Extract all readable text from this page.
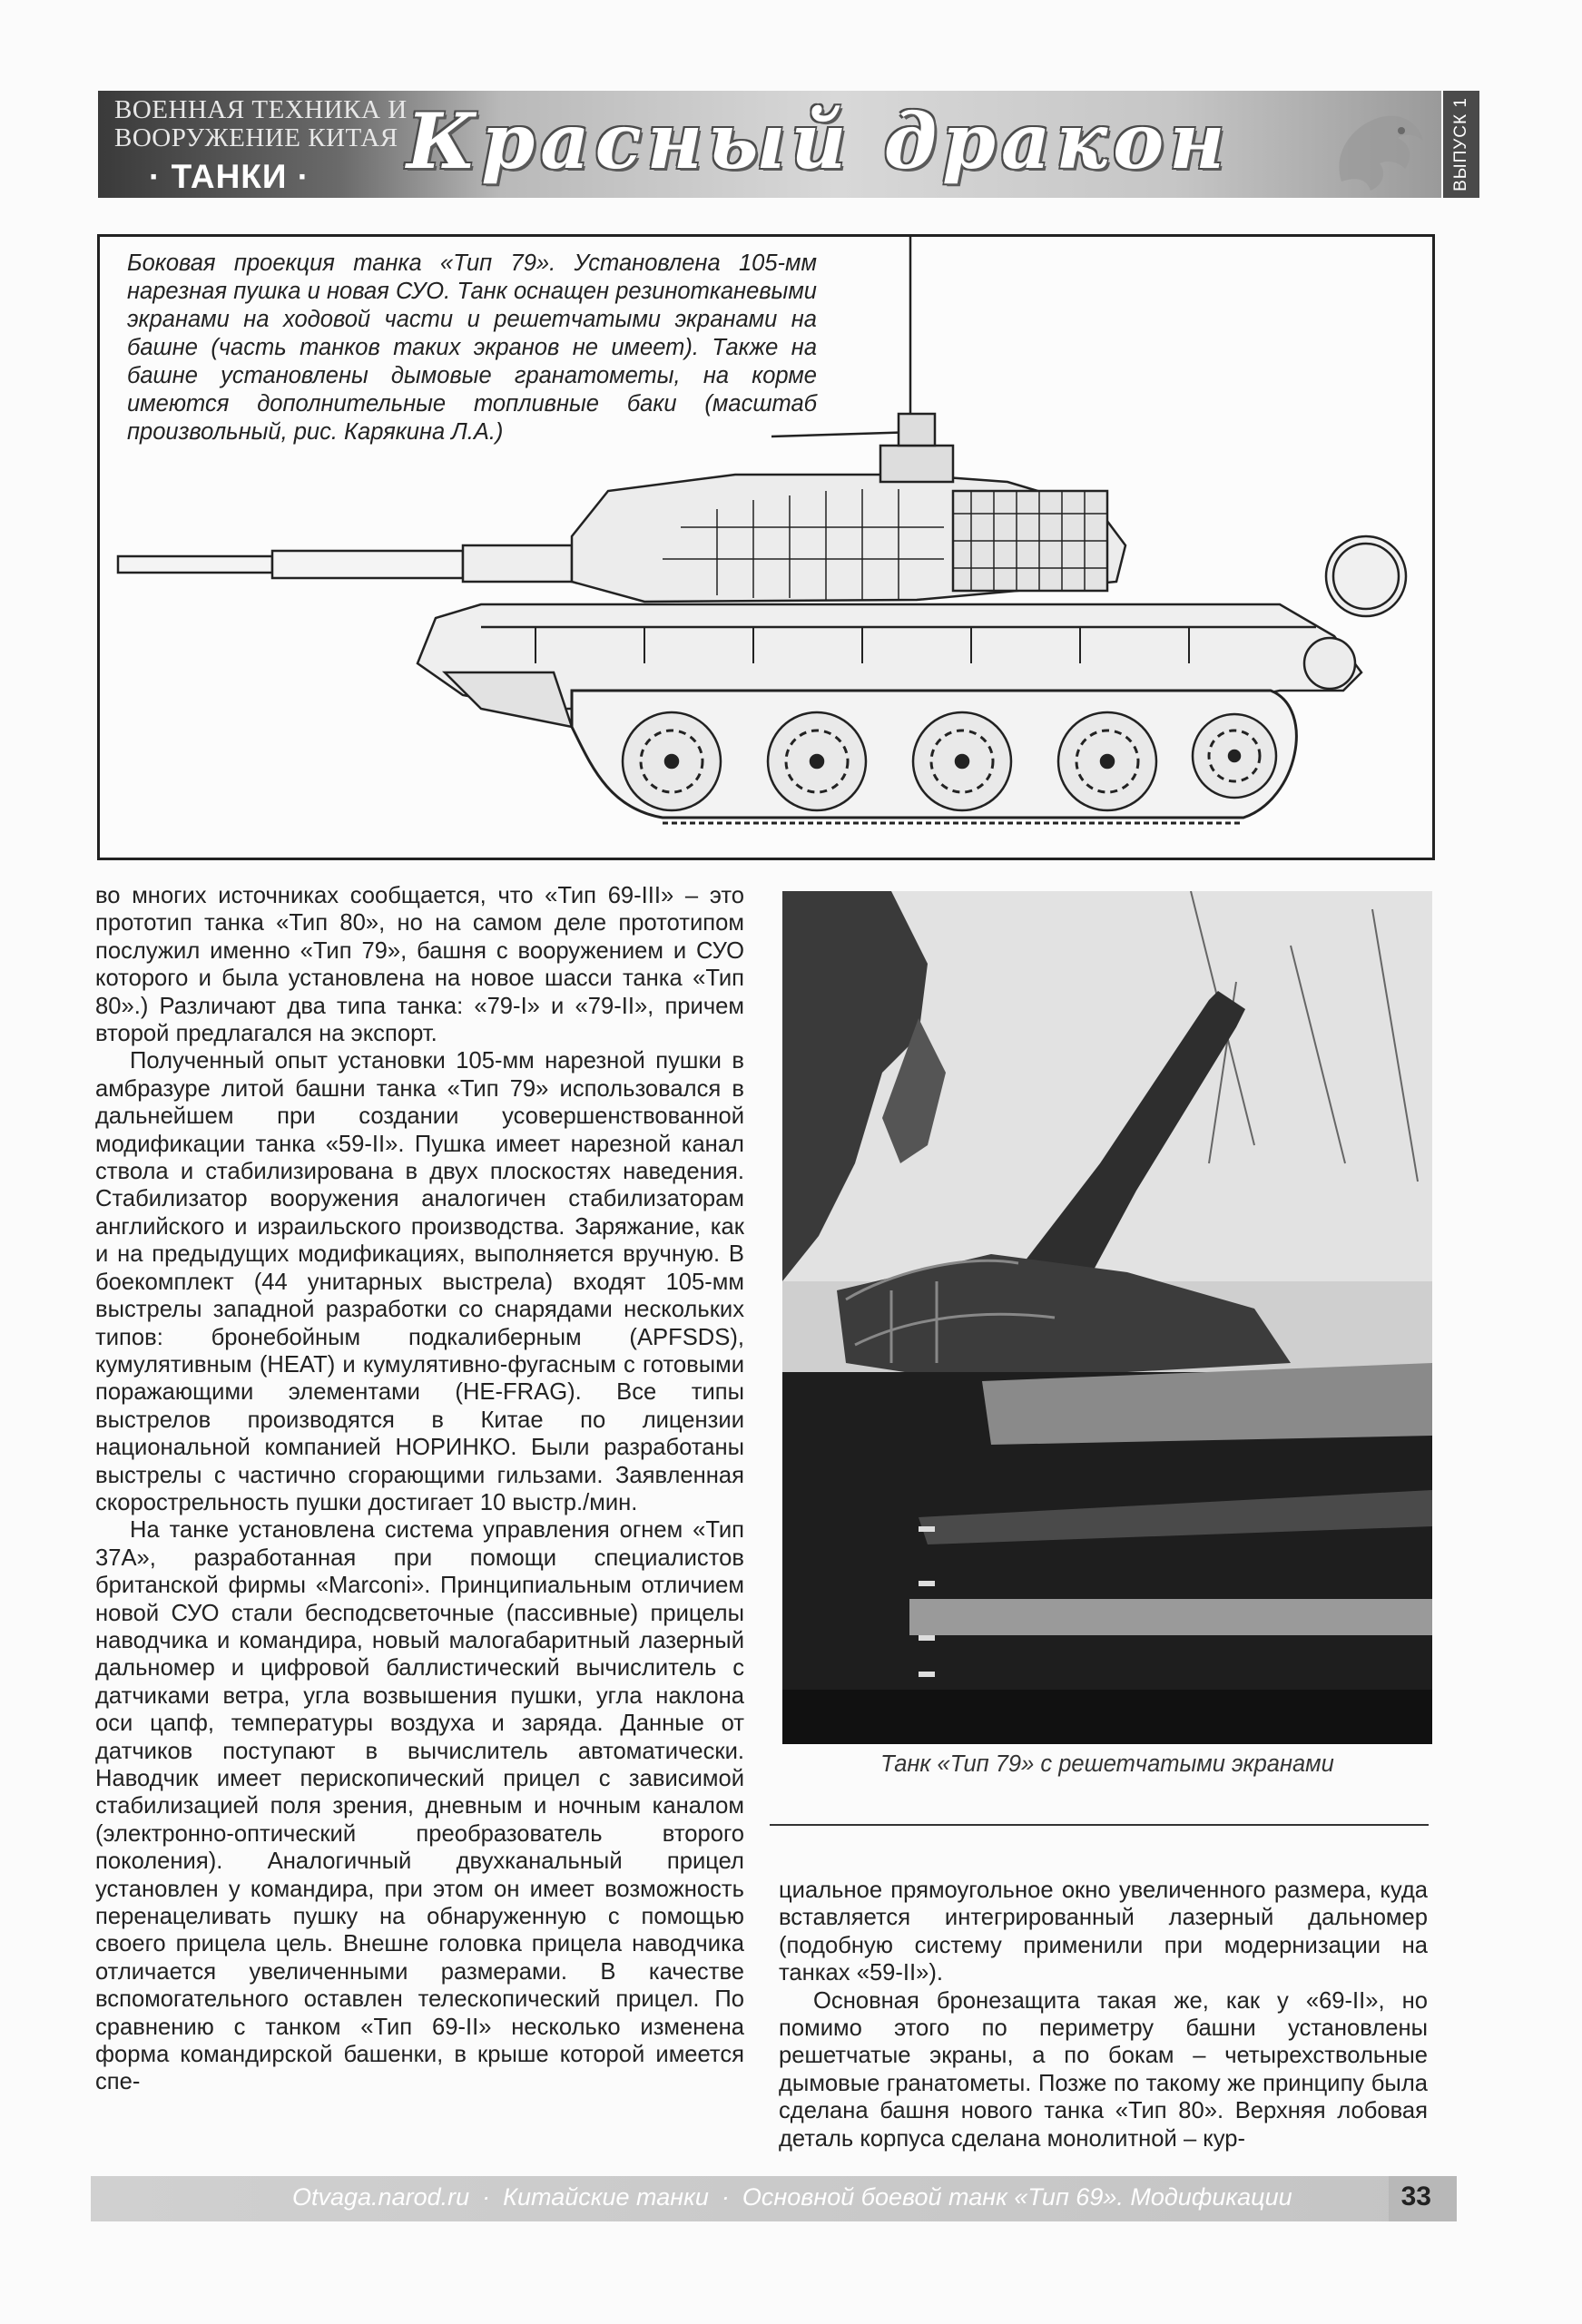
ВОЕННАЯ ТЕХНИКА И
ВООРУЖЕНИЕ КИТАЯ
· ТАНКИ ·	Красный дракон	ВЫПУСК 1
Боковая проекция танка «Тип 79». Установлена 105-мм нарезная пушка и новая СУО. Танк оснащен резинотканевыми экранами на ходовой части и решетчатыми экранами на башне (часть танков таких экранов не имеет). Также на башне установлены дымовые гранатометы, на корме имеются дополнительные топливные баки (масштаб произвольный, рис. Карякина Л.А.)

во многих источниках сообщается, что «Тип 69-III» – это прототип танка «Тип 80», но на самом деле прототипом послужил именно «Тип 79», башня с вооружением и СУО которого и была установлена на новое шасси танка «Тип 80».) Различают два типа танка: «79-I» и «79-II», причем второй предлагался на экспорт.

Полученный опыт установки 105-мм нарезной пушки в амбразуре литой башни танка «Тип 79» использовался в дальнейшем при создании усовершенствованной модификации танка «59-II». Пушка имеет нарезной канал ствола и стабилизирована в двух плоскостях наведения. Стабилизатор вооружения аналогичен стабилизаторам английского и израильского производства. Заряжание, как и на предыдущих модификациях, выполняется вручную. В боекомплект (44 унитарных выстрела) входят 105-мм выстрелы западной разработки со снарядами нескольких типов: бронебойным подкалиберным (APFSDS), кумулятивным (HEAT) и кумулятивно-фугасным с готовыми поражающими элементами (HE-FRAG). Все типы выстрелов производятся в Китае по лицензии национальной компанией НОРИНКО. Были разработаны выстрелы с частично сгорающими гильзами. Заявленная скорострельность пушки достигает 10 выстр./мин.

На танке установлена система управления огнем «Тип 37А», разработанная при помощи специалистов британской фирмы «Marconi». Принципиальным отличием новой СУО стали бесподсветочные (пассивные) прицелы наводчика и командира, новый малогабаритный лазерный дальномер и цифровой баллистический вычислитель с датчиками ветра, угла возвышения пушки, угла наклона оси цапф, температуры воздуха и заряда. Данные от датчиков поступают в вычислитель автоматически. Наводчик имеет перископический прицел с зависимой стабилизацией поля зрения, дневным и ночным каналом (электронно-оптический преобразователь второго поколения). Аналогичный двухканальный прицел установлен у командира, при этом он имеет возможность перенацеливать пушку на обнаруженную с помощью своего прицела цель. Внешне головка прицела наводчика отличается увеличенными размерами. В качестве вспомогательного оставлен телескопический прицел. По сравнению с танком «Тип 69-II» несколько изменена форма командирской башенки, в крыше которой имеется спе-

Танк «Тип 79» с решетчатыми экранами

циальное прямоугольное окно увеличенного размера, куда вставляется интегрированный лазерный дальномер (подобную систему применили при модернизации на танках «59-II»).

Основная бронезащита такая же, как у «69-II», но помимо этого по периметру башни установлены решетчатые экраны, а по бокам – четырехствольные дымовые гранатометы. Позже по такому же принципу была сделана башня нового танка «Тип 80». Верхняя лобовая деталь корпуса сделана монолитной – кур-

Otvaga.narod.ru · Китайские танки · Основной боевой танк «Тип 69». Модификации	33
